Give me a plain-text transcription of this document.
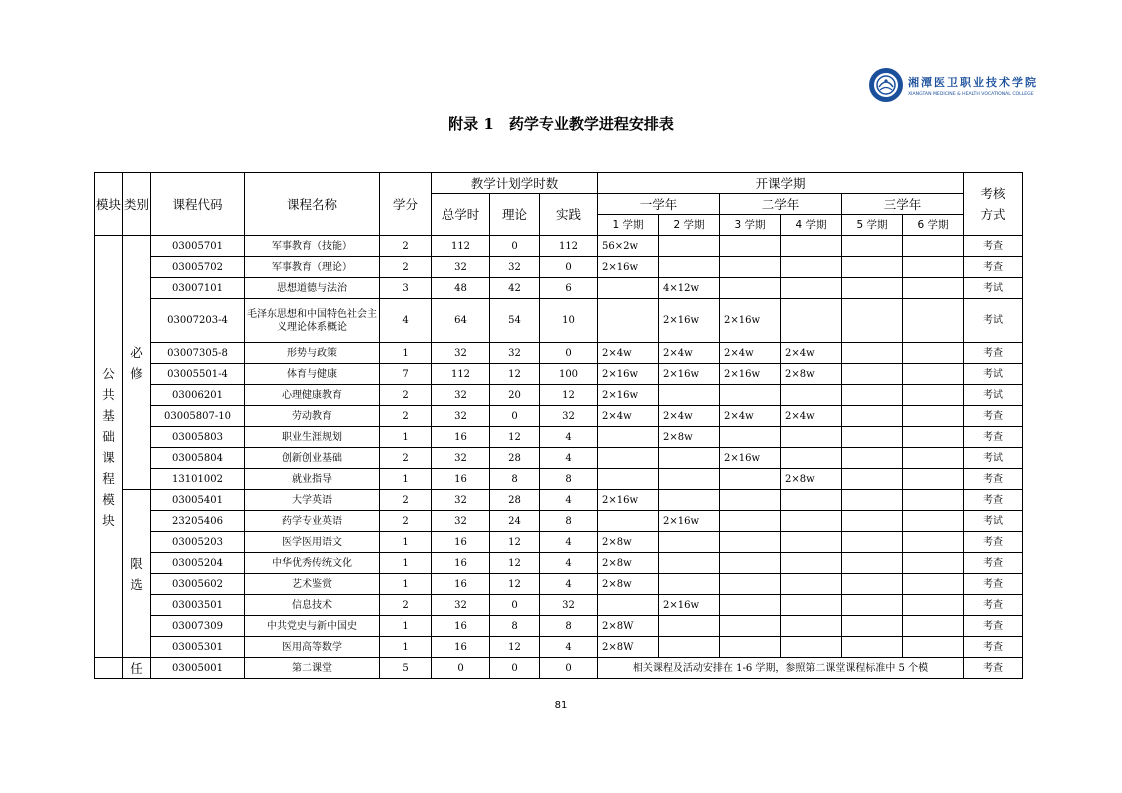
湘潭医卫职业技术学院
XIANGTAN MEDICINE & HEALTH VOCATIONAL COLLEGE
附录 1　药学专业教学进程安排表
模块	类别	课程代码	课程名称	学分	教学计划学时数			开课学期						考核方式

					总学时	理论	实践	一学年		二学年		三学年		
								1 学期	2 学期	3 学期	4 学期	5 学期	6 学期	

公共基础课程模块	必修	03005701	军事教育（技能）	2	112	0	112	56×2w						考查
		03005702	军事教育（理论）	2	32	32	0	2×16w						考查
		03007101	思想道德与法治	3	48	42	6		4×12w					考试
		03007203-4	毛泽东思想和中国特色社会主义理论体系概论	4	64	54	10		2×16w	2×16w				考试
		03007305-8	形势与政策	1	32	32	0	2×4w	2×4w	2×4w	2×4w			考查
		03005501-4	体育与健康	7	112	12	100	2×16w	2×16w	2×16w	2×8w			考试
		03006201	心理健康教育	2	32	20	12	2×16w						考试
		03005807-10	劳动教育	2	32	0	32	2×4w	2×4w	2×4w	2×4w			考查
		03005803	职业生涯规划	1	16	12	4		2×8w					考查
		03005804	创新创业基础	2	32	28	4			2×16w				考试
		13101002	就业指导	1	16	8	8				2×8w			考查

	限选	03005401	大学英语	2	32	28	4	2×16w						考查
		23205406	药学专业英语	2	32	24	8		2×16w					考试
		03005203	医学医用语文	1	16	12	4	2×8w						考查
		03005204	中华优秀传统文化	1	16	12	4	2×8w						考查
		03005602	艺术鉴赏	1	16	12	4	2×8w						考查
		03003501	信息技术	2	32	0	32		2×16w					考查
		03007309	中共党史与新中国史	1	16	8	8	2×8W						考查
		03005301	医用高等数学	1	16	12	4	2×8W						考查
	任	03005001	第二课堂	5	0	0	0	相关课程及活动安排在 1-6 学期，参照第二课堂课程标准中 5 个模						考查
81
